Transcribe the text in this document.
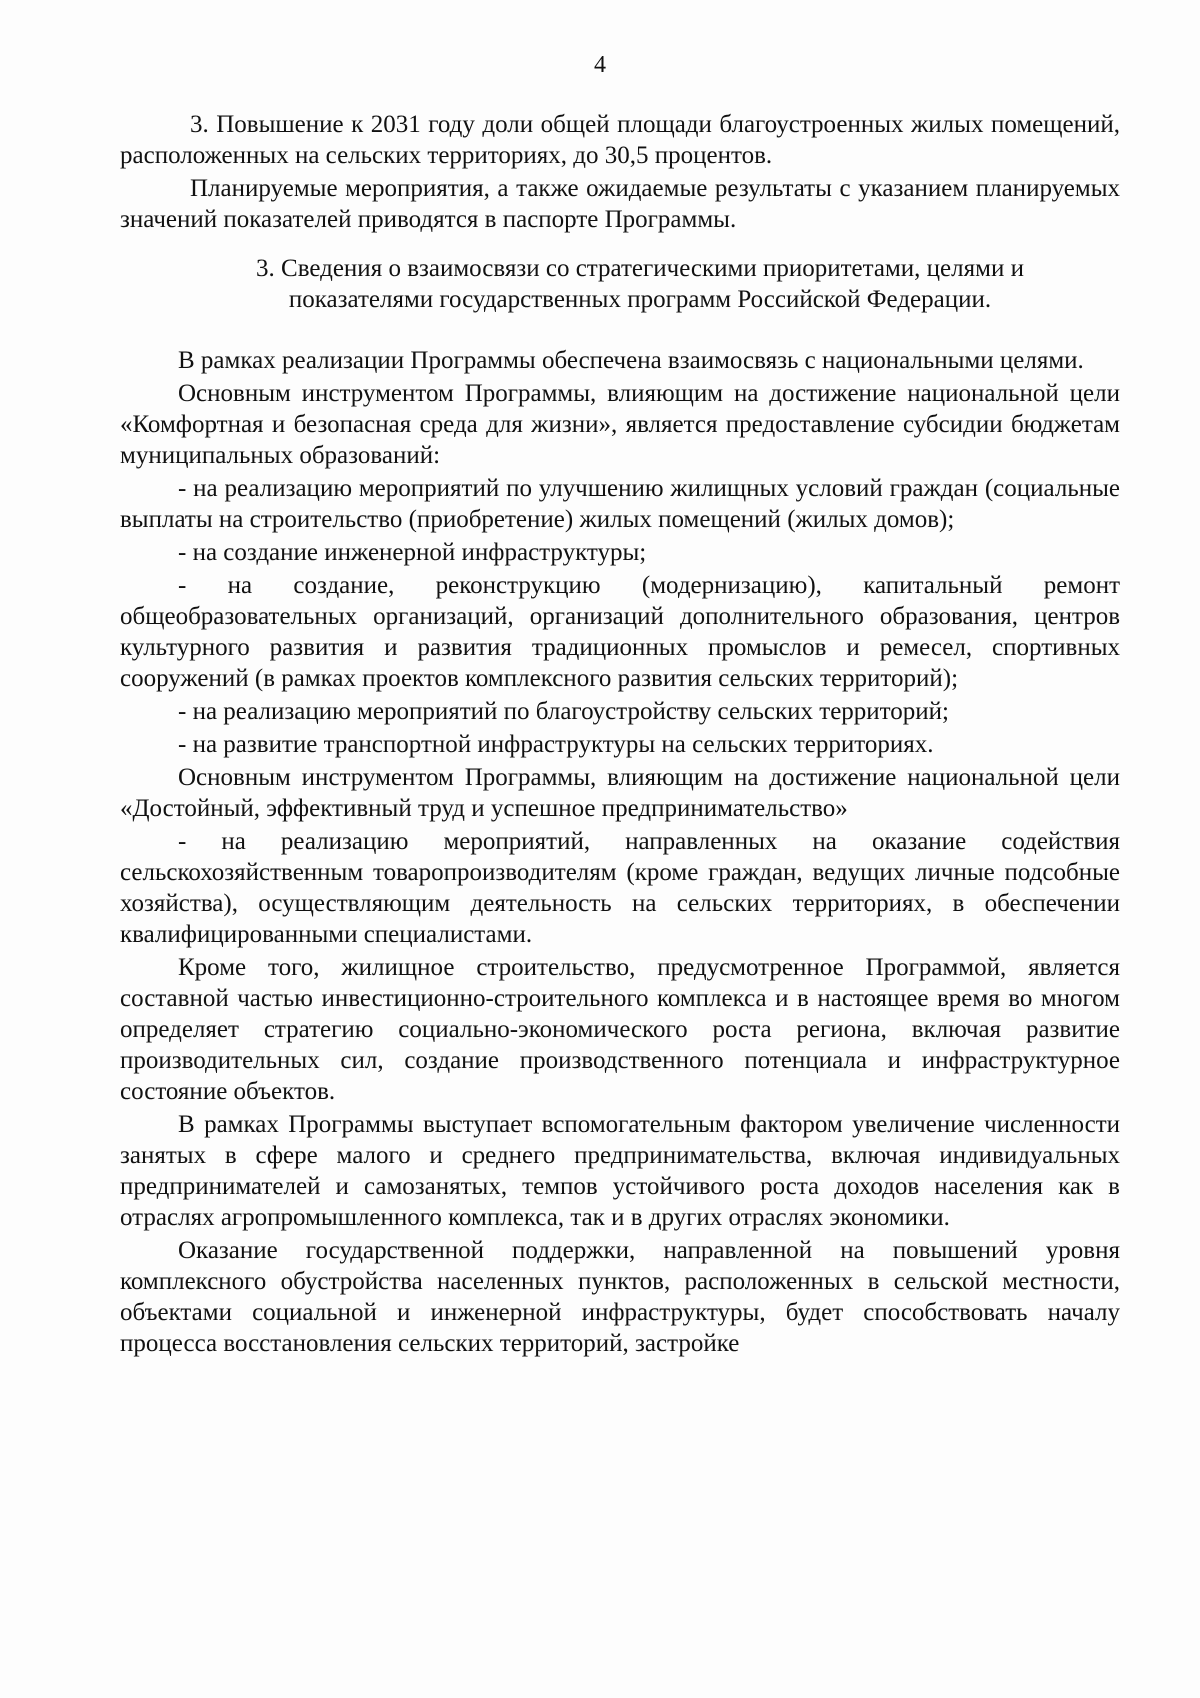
4

3. Повышение к 2031 году доли общей площади благоустроенных жилых помещений, расположенных на сельских территориях, до 30,5 процентов.

Планируемые мероприятия, а также ожидаемые результаты с указанием планируемых значений показателей приводятся в паспорте Программы.

3. Сведения о взаимосвязи со стратегическими приоритетами, целями и
показателями государственных программ Российской Федерации.

В рамках реализации Программы обеспечена взаимосвязь с национальными целями.

Основным инструментом Программы, влияющим на достижение национальной цели «Комфортная и безопасная среда для жизни», является предоставление субсидии бюджетам муниципальных образований:

- на реализацию мероприятий по улучшению жилищных условий граждан (социальные выплаты на строительство (приобретение) жилых помещений (жилых домов);

- на создание инженерной инфраструктуры;

- на создание, реконструкцию (модернизацию), капитальный ремонт общеобразовательных организаций, организаций дополнительного образования, центров культурного развития и развития традиционных промыслов и ремесел, спортивных сооружений (в рамках проектов комплексного развития сельских территорий);

- на реализацию мероприятий по благоустройству сельских территорий;

- на развитие транспортной инфраструктуры на сельских территориях.

Основным инструментом Программы, влияющим на достижение национальной цели «Достойный, эффективный труд и успешное предпринимательство»

- на реализацию мероприятий, направленных на оказание содействия сельскохозяйственным товаропроизводителям (кроме граждан, ведущих личные подсобные хозяйства), осуществляющим деятельность на сельских территориях, в обеспечении квалифицированными специалистами.

Кроме того, жилищное строительство, предусмотренное Программой, является составной частью инвестиционно-строительного комплекса и в настоящее время во многом определяет стратегию социально-экономического роста региона, включая развитие производительных сил, создание производственного потенциала и инфраструктурное состояние объектов.

В рамках Программы выступает вспомогательным фактором увеличение численности занятых в сфере малого и среднего предпринимательства, включая индивидуальных предпринимателей и самозанятых, темпов устойчивого роста доходов населения как в отраслях агропромышленного комплекса, так и в других отраслях экономики.

Оказание государственной поддержки, направленной на повышений уровня комплексного обустройства населенных пунктов, расположенных в сельской местности, объектами социальной и инженерной инфраструктуры, будет способствовать началу процесса восстановления сельских территорий, застройке
